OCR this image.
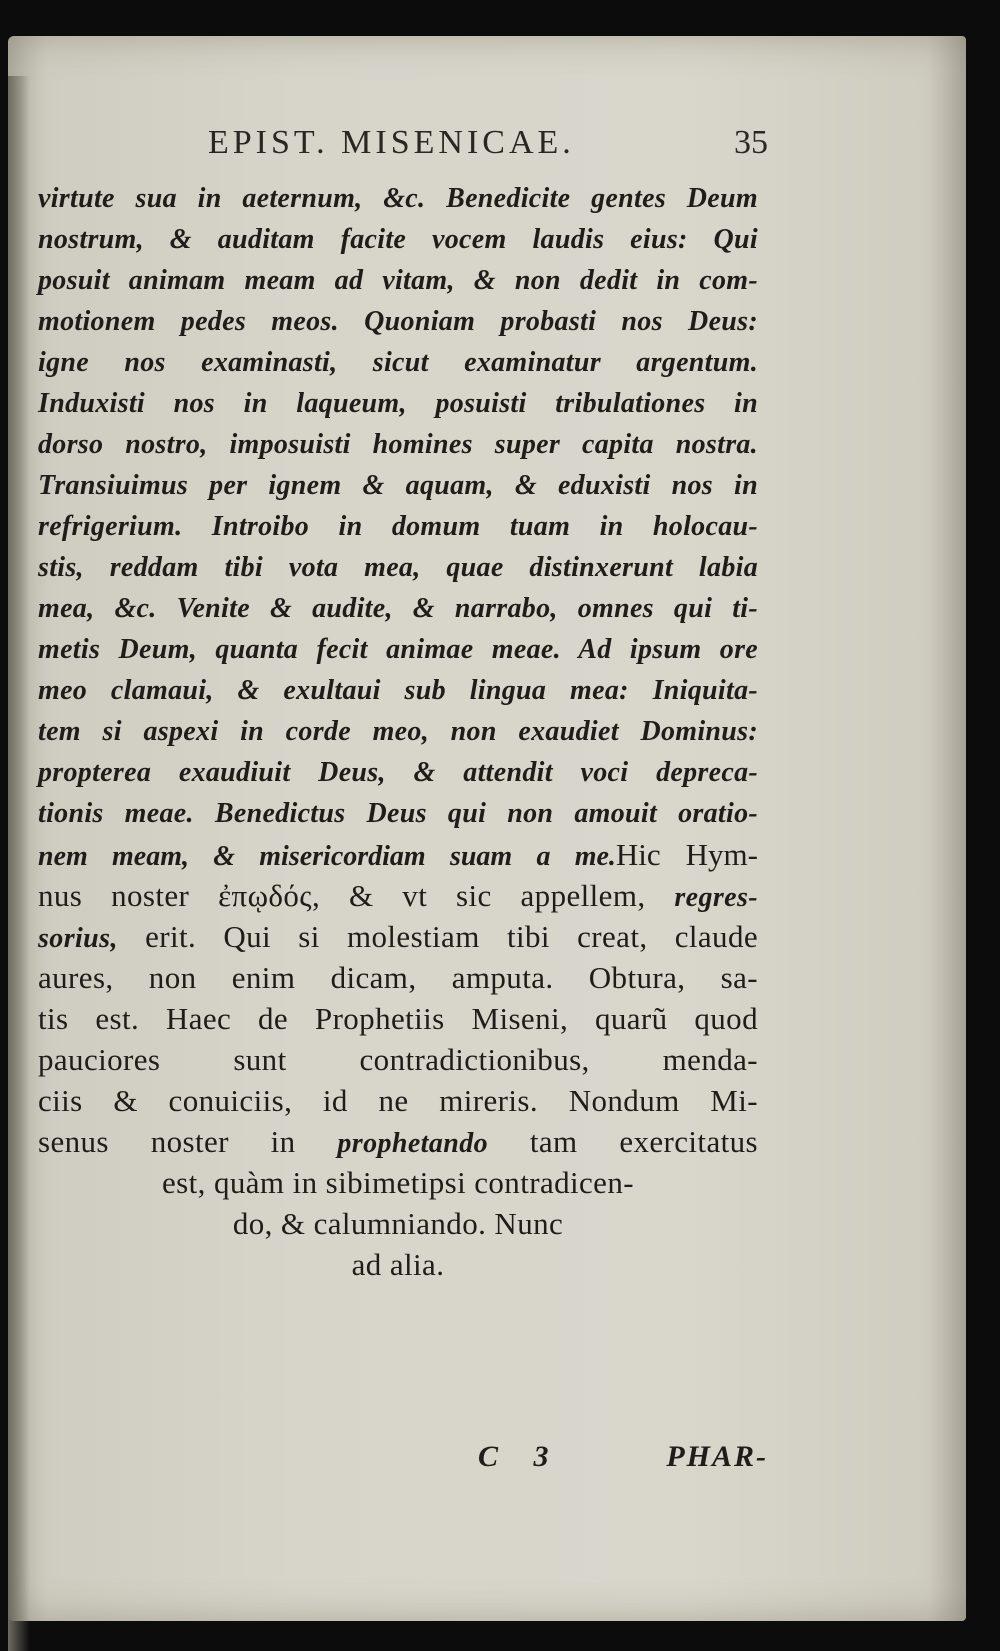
EPIST. MISENICAE.	35
virtute sua in aeternum, &c. Benedicite gentes Deum
nostrum, & auditam facite vocem laudis eius: Qui
posuit animam meam ad vitam, & non dedit in com-
motionem pedes meos. Quoniam probasti nos Deus:
igne nos examinasti, sicut examinatur argentum.
Induxisti nos in laqueum, posuisti tribulationes in
dorso nostro, imposuisti homines super capita nostra.
Transiuimus per ignem & aquam, & eduxisti nos in
refrigerium. Introibo in domum tuam in holocau-
stis, reddam tibi vota mea, quae distinxerunt labia
mea, &c. Venite & audite, & narrabo, omnes qui ti-
metis Deum, quanta fecit animae meae. Ad ipsum ore
meo clamaui, & exultaui sub lingua mea: Iniquita-
tem si aspexi in corde meo, non exaudiet Dominus:
propterea exaudiuit Deus, & attendit voci depreca-
tionis meae. Benedictus Deus qui non amouit oratio-
nem meam, & misericordiam suam a me.Hic Hym-
nus noster ἐπῳδός, & vt sic appellem, regres-
sorius, erit. Qui si molestiam tibi creat, claude
aures, non enim dicam, amputa. Obtura, sa-
tis est. Haec de Prophetiis Miseni, quarũ quod
pauciores sunt contradictionibus, menda-
ciis & conuiciis, id ne mireris. Nondum Mi-
senus noster in prophetando tam exercitatus
est, quàm in sibimetipsi contradicen-
do, & calumniando. Nunc
ad alia.
C 3	PHAR-
